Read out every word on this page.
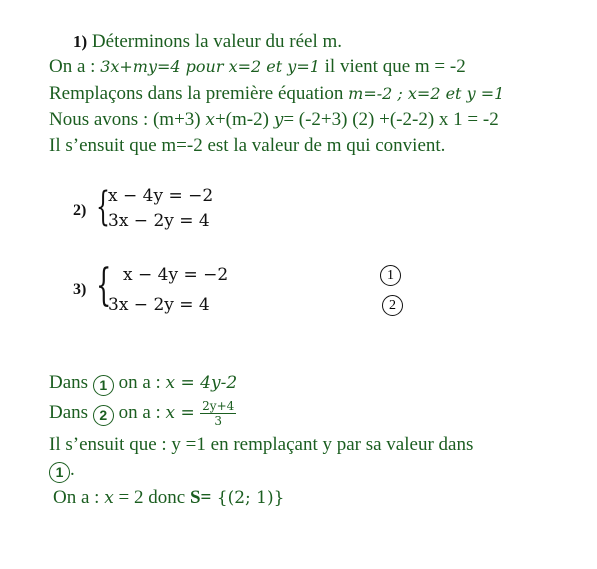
1) Déterminons la valeur du réel m.
On a : 3x+my=4 pour x=2 et y=1 il vient que m = -2
Remplaçons dans la première équation m=-2 ; x=2 et y =1
Nous avons : (m+3) x+(m-2) y= (-2+3) (2) +(-2-2) x 1 = -2
Il s’ensuit que m=-2 est la valeur de m qui convient.
2) {
x − 4y = −2
3x − 2y = 4
3) { x − 4y = −2
3x − 2y = 4
1
2
Dans 1 on a : x = 4y-2
Dans 2 on a : $x = \frac{2y+4}{3}$
Il s’ensuit que : y =1 en remplaçant y par sa valeur dans
1 .
On a : x = 2 donc S= {(2; 1)}
